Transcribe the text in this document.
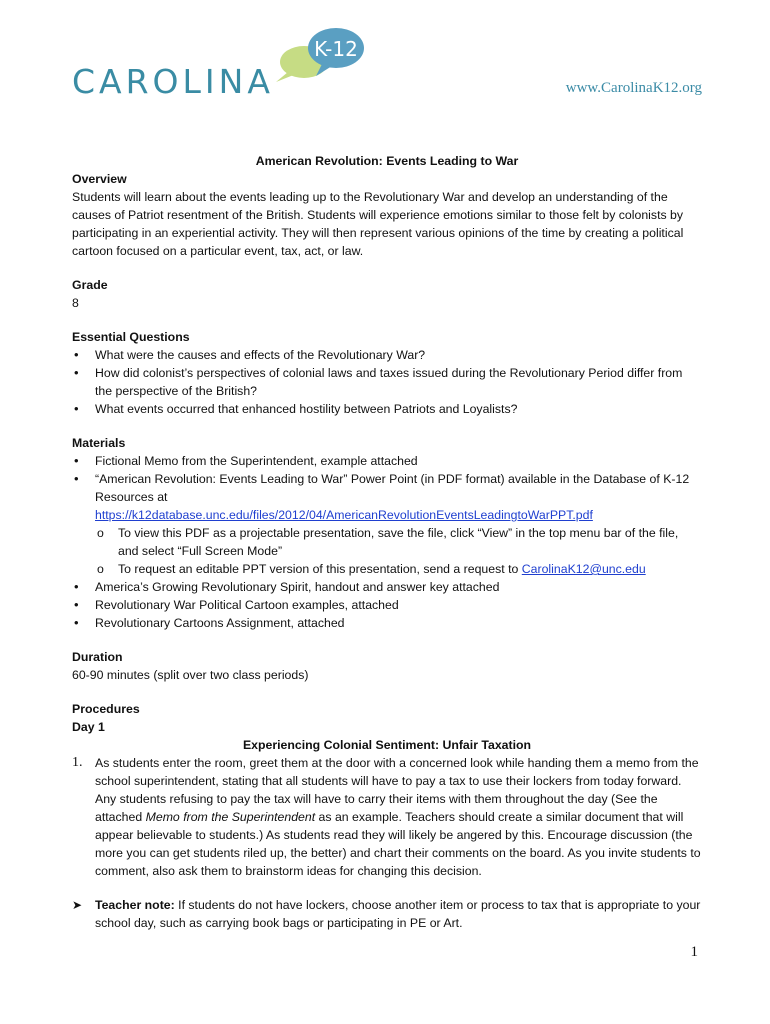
K-12
CAROLINA	www.CarolinaK12.org

American Revolution: Events Leading to War

Overview

Students will learn about the events leading up to the Revolutionary War and develop an understanding of the causes of Patriot resentment of the British. Students will experience emotions similar to those felt by colonists by participating in an experiential activity. They will then represent various opinions of the time by creating a political cartoon focused on a particular event, tax, act, or law.

Grade

8

Essential Questions

• What were the causes and effects of the Revolutionary War?
• How did colonist’s perspectives of colonial laws and taxes issued during the Revolutionary Period differ from the perspective of the British?
• What events occurred that enhanced hostility between Patriots and Loyalists?

Materials

• Fictional Memo from the Superintendent, example attached
• “American Revolution: Events Leading to War” Power Point (in PDF format) available in the Database of K-12 Resources at
https://k12database.unc.edu/files/2012/04/AmericanRevolutionEventsLeadingtoWarPPT.pdf
o To view this PDF as a projectable presentation, save the file, click “View” in the top menu bar of the file, and select “Full Screen Mode”
o To request an editable PPT version of this presentation, send a request to CarolinaK12@unc.edu
• America’s Growing Revolutionary Spirit, handout and answer key attached
• Revolutionary War Political Cartoon examples, attached
• Revolutionary Cartoons Assignment, attached

Duration

60-90 minutes (split over two class periods)

Procedures

Day 1

Experiencing Colonial Sentiment: Unfair Taxation

1. As students enter the room, greet them at the door with a concerned look while handing them a memo from the school superintendent, stating that all students will have to pay a tax to use their lockers from today forward. Any students refusing to pay the tax will have to carry their items with them throughout the day (See the attached Memo from the Superintendent as an example. Teachers should create a similar document that will appear believable to students.) As students read they will likely be angered by this. Encourage discussion (the more you can get students riled up, the better) and chart their comments on the board. As you invite students to comment, also ask them to brainstorm ideas for changing this decision.
➤ Teacher note: If students do not have lockers, choose another item or process to tax that is appropriate to your school day, such as carrying book bags or participating in PE or Art.
1
